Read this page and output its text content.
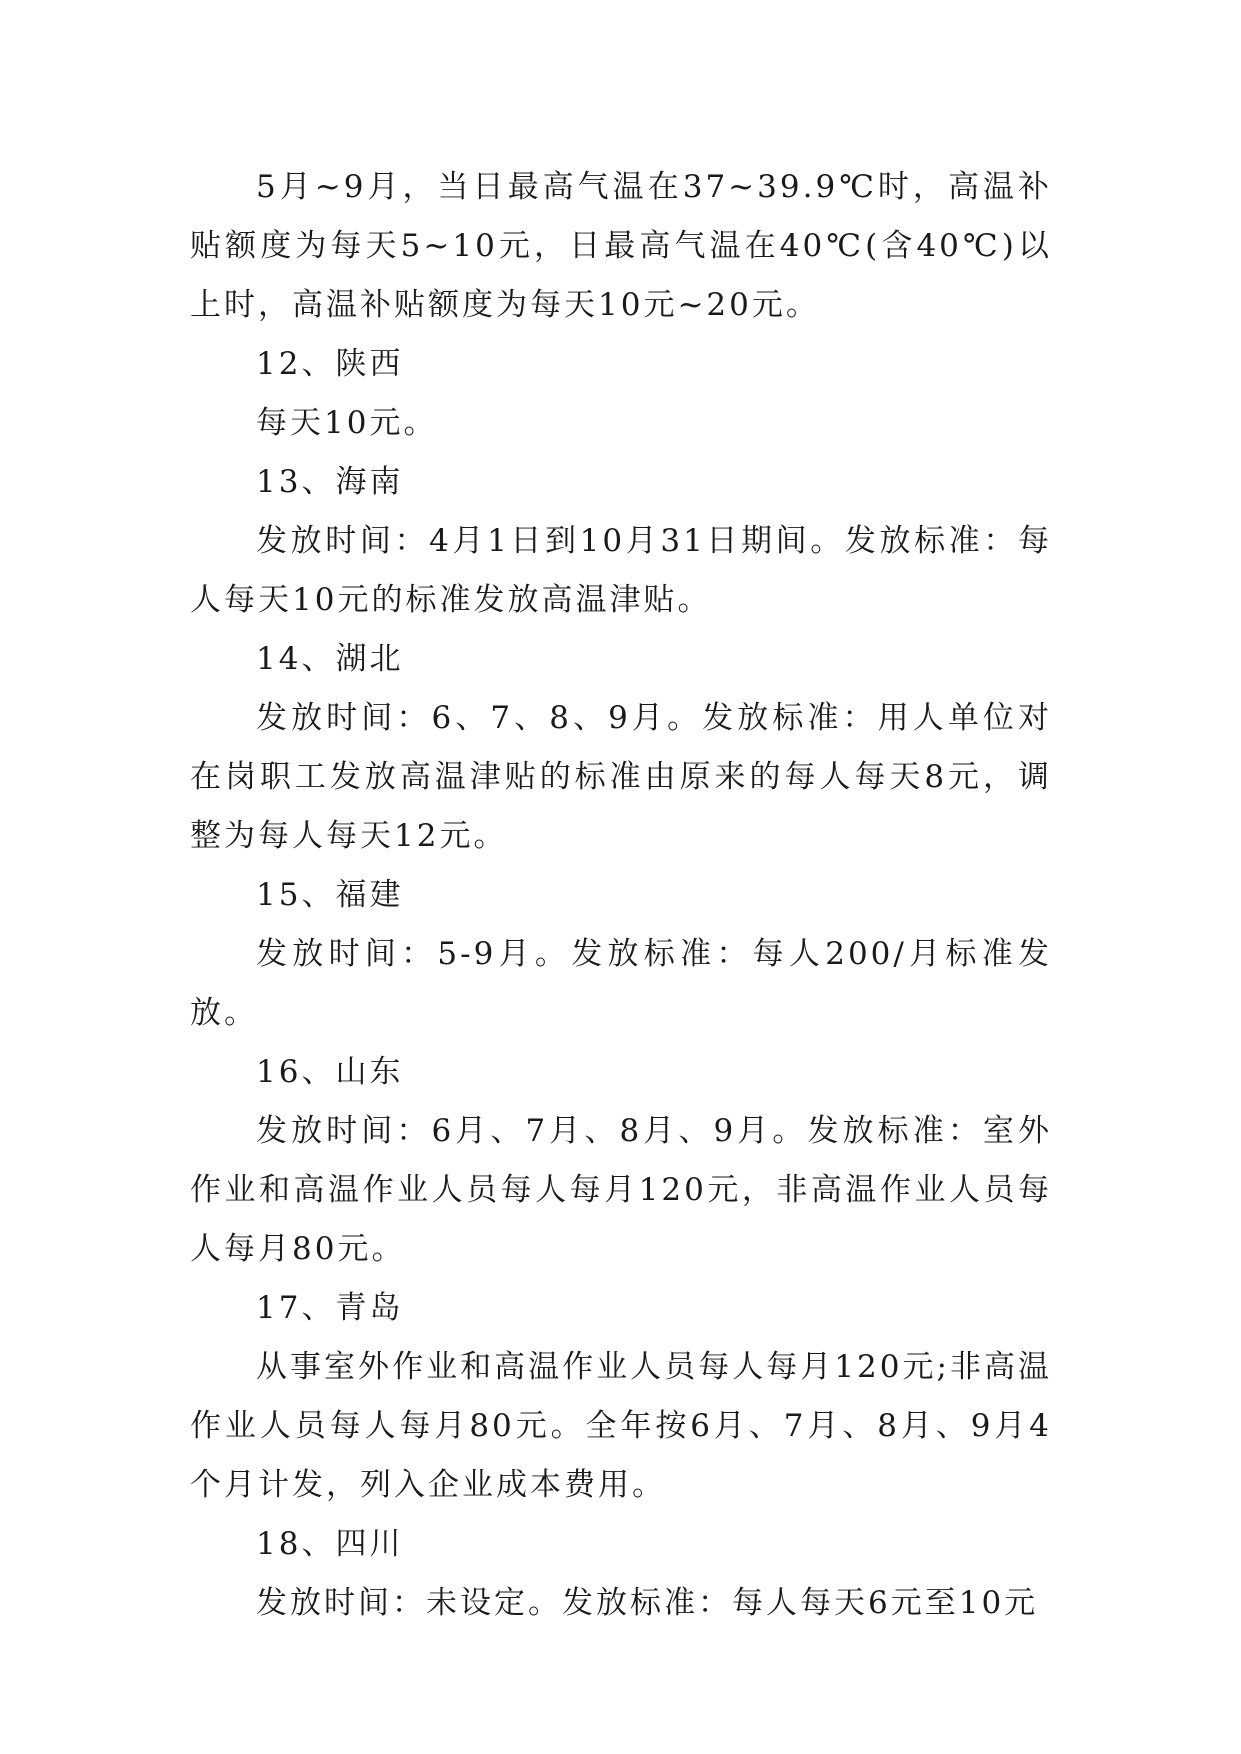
5月~9月，当日最高气温在37~39.9℃时，高温补贴额度为每天5~10元，日最高气温在40℃(含40℃)以上时，高温补贴额度为每天10元~20元。

12、陕西

每天10元。

13、海南

发放时间：4月1日到10月31日期间。发放标准：每人每天10元的标准发放高温津贴。

14、湖北

发放时间：6、7、8、9月。发放标准：用人单位对在岗职工发放高温津贴的标准由原来的每人每天8元，调整为每人每天12元。

15、福建

发放时间：5-9月。发放标准：每人200/月标准发放。

16、山东

发放时间：6月、7月、8月、9月。发放标准：室外作业和高温作业人员每人每月120元，非高温作业人员每人每月80元。

17、青岛

从事室外作业和高温作业人员每人每月120元;非高温作业人员每人每月80元。全年按6月、7月、8月、9月4个月计发，列入企业成本费用。

18、四川

发放时间：未设定。发放标准：每人每天6元至10元
